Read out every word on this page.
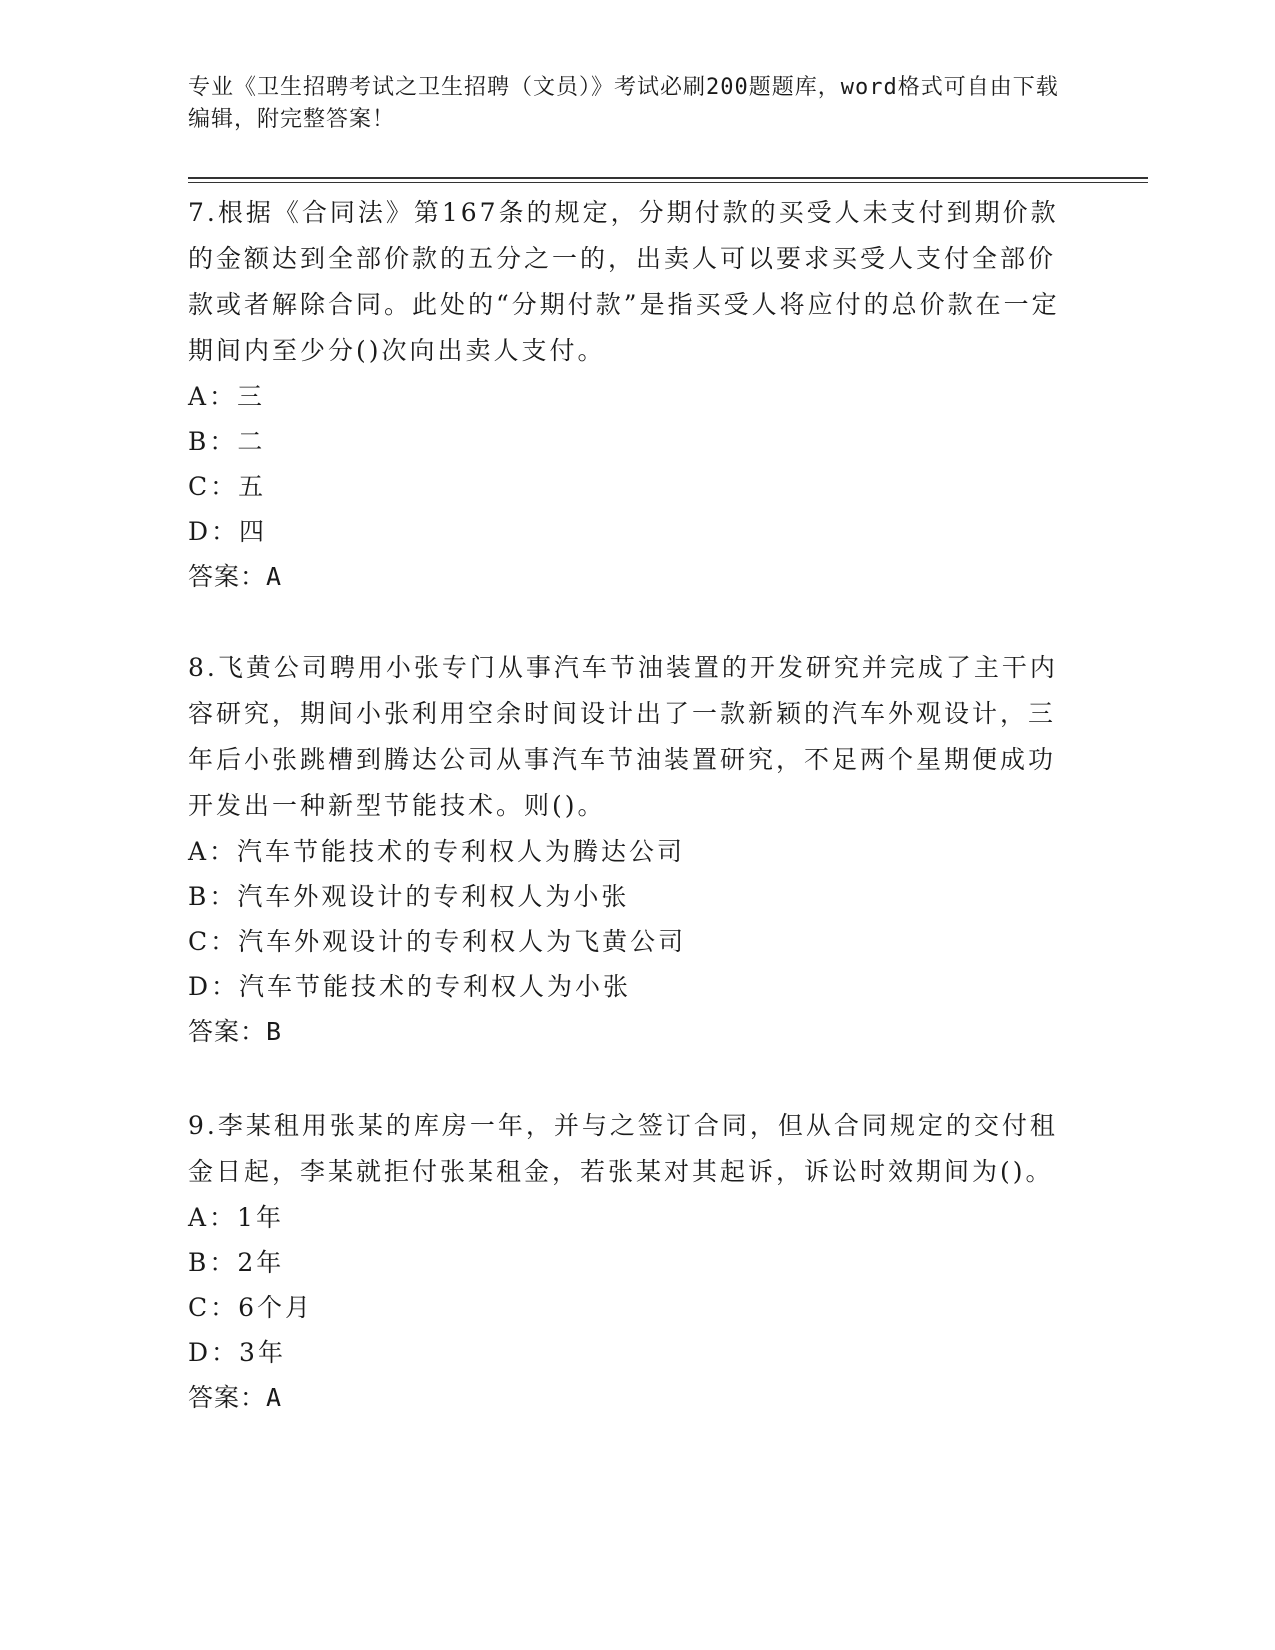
专业《卫生招聘考试之卫生招聘（文员）》考试必刷200题题库，word格式可自由下载编辑，附完整答案！

7.根据《合同法》第167条的规定，分期付款的买受人未支付到期价款的金额达到全部价款的五分之一的，出卖人可以要求买受人支付全部价款或者解除合同。此处的“分期付款”是指买受人将应付的总价款在一定期间内至少分()次向出卖人支付。

A：三

B：二

C：五

D：四

答案：A

8.飞黄公司聘用小张专门从事汽车节油装置的开发研究并完成了主干内容研究，期间小张利用空余时间设计出了一款新颖的汽车外观设计，三年后小张跳槽到腾达公司从事汽车节油装置研究，不足两个星期便成功开发出一种新型节能技术。则()。

A：汽车节能技术的专利权人为腾达公司

B：汽车外观设计的专利权人为小张

C：汽车外观设计的专利权人为飞黄公司

D：汽车节能技术的专利权人为小张

答案：B

9.李某租用张某的库房一年，并与之签订合同，但从合同规定的交付租金日起，李某就拒付张某租金，若张某对其起诉，诉讼时效期间为()。

A：1年

B：2年

C：6个月

D：3年

答案：A
